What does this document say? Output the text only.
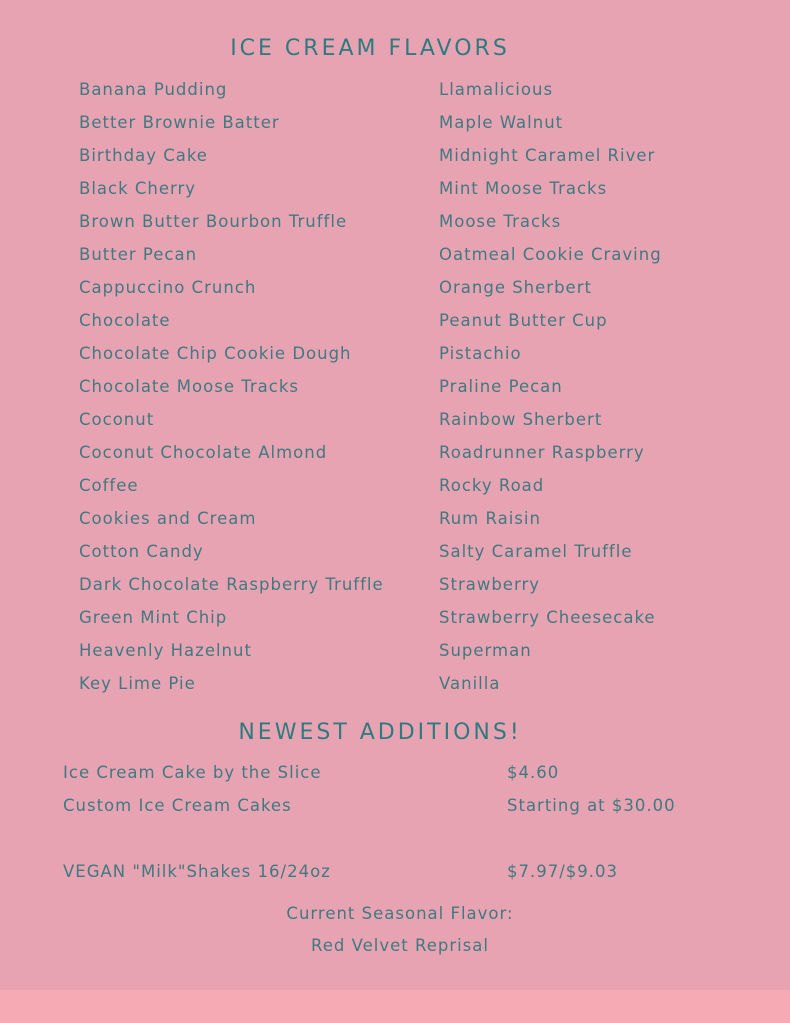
ICE CREAM FLAVORS
Banana Pudding
Better Brownie Batter
Birthday Cake
Black Cherry
Brown Butter Bourbon Truffle
Butter Pecan
Cappuccino Crunch
Chocolate
Chocolate Chip Cookie Dough
Chocolate Moose Tracks
Coconut
Coconut Chocolate Almond
Coffee
Cookies and Cream
Cotton Candy
Dark Chocolate Raspberry Truffle
Green Mint Chip
Heavenly Hazelnut
Key Lime Pie
Llamalicious
Maple Walnut
Midnight Caramel River
Mint Moose Tracks
Moose Tracks
Oatmeal Cookie Craving
Orange Sherbert
Peanut Butter Cup
Pistachio
Praline Pecan
Rainbow Sherbert
Roadrunner Raspberry
Rocky Road
Rum Raisin
Salty Caramel Truffle
Strawberry
Strawberry Cheesecake
Superman
Vanilla
NEWEST ADDITIONS!
Ice Cream Cake by the Slice	$4.60
Custom Ice Cream Cakes	Starting at $30.00
VEGAN "Milk"Shakes 16/24oz	$7.97/$9.03
Current Seasonal Flavor:
Red Velvet Reprisal
